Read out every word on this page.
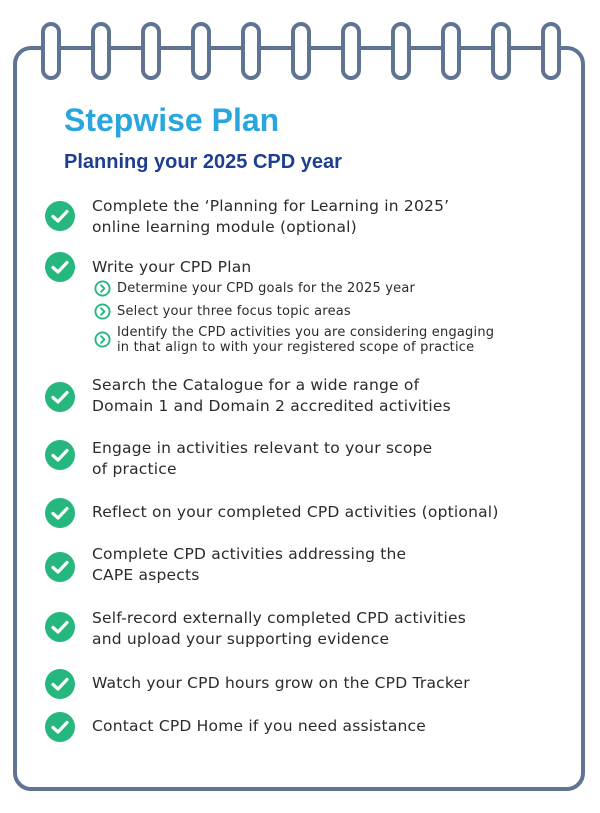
Stepwise Plan
Planning your 2025 CPD year
Complete the ‘Planning for Learning in 2025’
online learning module (optional)
Write your CPD Plan
Determine your CPD goals for the 2025 year
Select your three focus topic areas
Identify the CPD activities you are considering engaging
in that align to with your registered scope of practice
Search the Catalogue for a wide range of
Domain 1 and Domain 2 accredited activities
Engage in activities relevant to your scope
of practice
Reflect on your completed CPD activities (optional)
Complete CPD activities addressing the
CAPE aspects
Self-record externally completed CPD activities
and upload your supporting evidence
Watch your CPD hours grow on the CPD Tracker
Contact CPD Home if you need assistance
